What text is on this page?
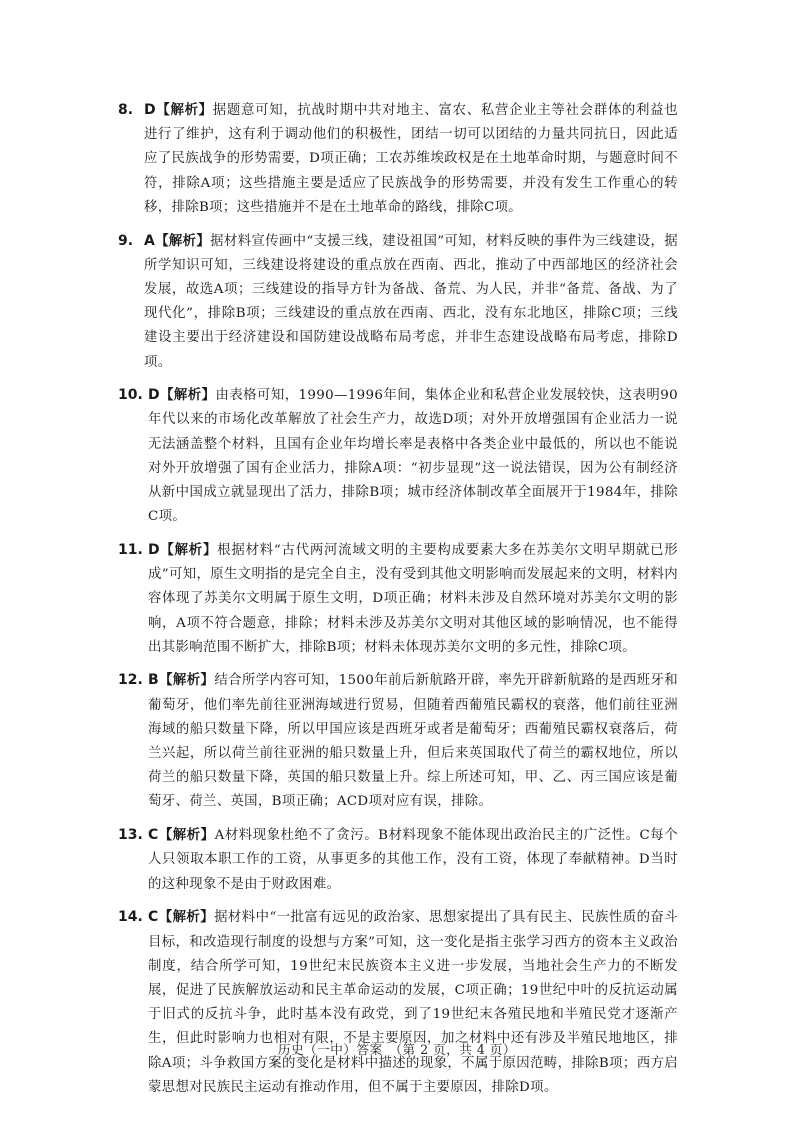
8. D【解析】据题意可知，抗战时期中共对地主、富农、私营企业主等社会群体的利益也进行了维护，这有利于调动他们的积极性，团结一切可以团结的力量共同抗日，因此适应了民族战争的形势需要，D项正确；工农苏维埃政权是在土地革命时期，与题意时间不符，排除A项；这些措施主要是适应了民族战争的形势需要，并没有发生工作重心的转移，排除B项；这些措施并不是在土地革命的路线，排除C项。
9. A【解析】据材料宣传画中“支援三线，建设祖国”可知，材料反映的事件为三线建设，据所学知识可知，三线建设将建设的重点放在西南、西北，推动了中西部地区的经济社会发展，故选A项；三线建设的指导方针为备战、备荒、为人民，并非“备荒、备战、为了现代化”，排除B项；三线建设的重点放在西南、西北，没有东北地区，排除C项；三线建设主要出于经济建设和国防建设战略布局考虑，并非生态建设战略布局考虑，排除D项。
10. D【解析】由表格可知，1990—1996年间，集体企业和私营企业发展较快，这表明90年代以来的市场化改革解放了社会生产力，故选D项；对外开放增强国有企业活力一说无法涵盖整个材料，且国有企业年均增长率是表格中各类企业中最低的，所以也不能说对外开放增强了国有企业活力，排除A项：“初步显现”这一说法错误，因为公有制经济从新中国成立就显现出了活力，排除B项；城市经济体制改革全面展开于1984年，排除C项。
11. D【解析】根据材料“古代两河流域文明的主要构成要素大多在苏美尔文明早期就已形成”可知，原生文明指的是完全自主，没有受到其他文明影响而发展起来的文明，材料内容体现了苏美尔文明属于原生文明，D项正确；材料未涉及自然环境对苏美尔文明的影响，A项不符合题意，排除；材料未涉及苏美尔文明对其他区域的影响情况，也不能得出其影响范围不断扩大，排除B项；材料未体现苏美尔文明的多元性，排除C项。
12. B【解析】结合所学内容可知，1500年前后新航路开辟，率先开辟新航路的是西班牙和葡萄牙，他们率先前往亚洲海域进行贸易，但随着西葡殖民霸权的衰落，他们前往亚洲海域的船只数量下降，所以甲国应该是西班牙或者是葡萄牙；西葡殖民霸权衰落后，荷兰兴起，所以荷兰前往亚洲的船只数量上升，但后来英国取代了荷兰的霸权地位，所以荷兰的船只数量下降，英国的船只数量上升。综上所述可知，甲、乙、丙三国应该是葡萄牙、荷兰、英国，B项正确；ACD项对应有误，排除。
13. C【解析】A材料现象杜绝不了贪污。B材料现象不能体现出政治民主的广泛性。C每个人只领取本职工作的工资，从事更多的其他工作，没有工资，体现了奉献精神。D当时的这种现象不是由于财政困难。
14. C【解析】据材料中“一批富有远见的政治家、思想家提出了具有民主、民族性质的奋斗目标，和改造现行制度的设想与方案”可知，这一变化是指主张学习西方的资本主义政治制度，结合所学可知，19世纪末民族资本主义进一步发展，当地社会生产力的不断发展，促进了民族解放运动和民主革命运动的发展，C项正确；19世纪中叶的反抗运动属于旧式的反抗斗争，此时基本没有政党，到了19世纪末各殖民地和半殖民党才逐渐产生，但此时影响力也相对有限，不是主要原因，加之材料中还有涉及半殖民地地区，排除A项；斗争救国方案的变化是材料中描述的现象，不属于原因范畴，排除B项；西方启蒙思想对民族民主运动有推动作用，但不属于主要原因，排除D项。
历史（一中）答案　（第 2 页，共 4 页）
